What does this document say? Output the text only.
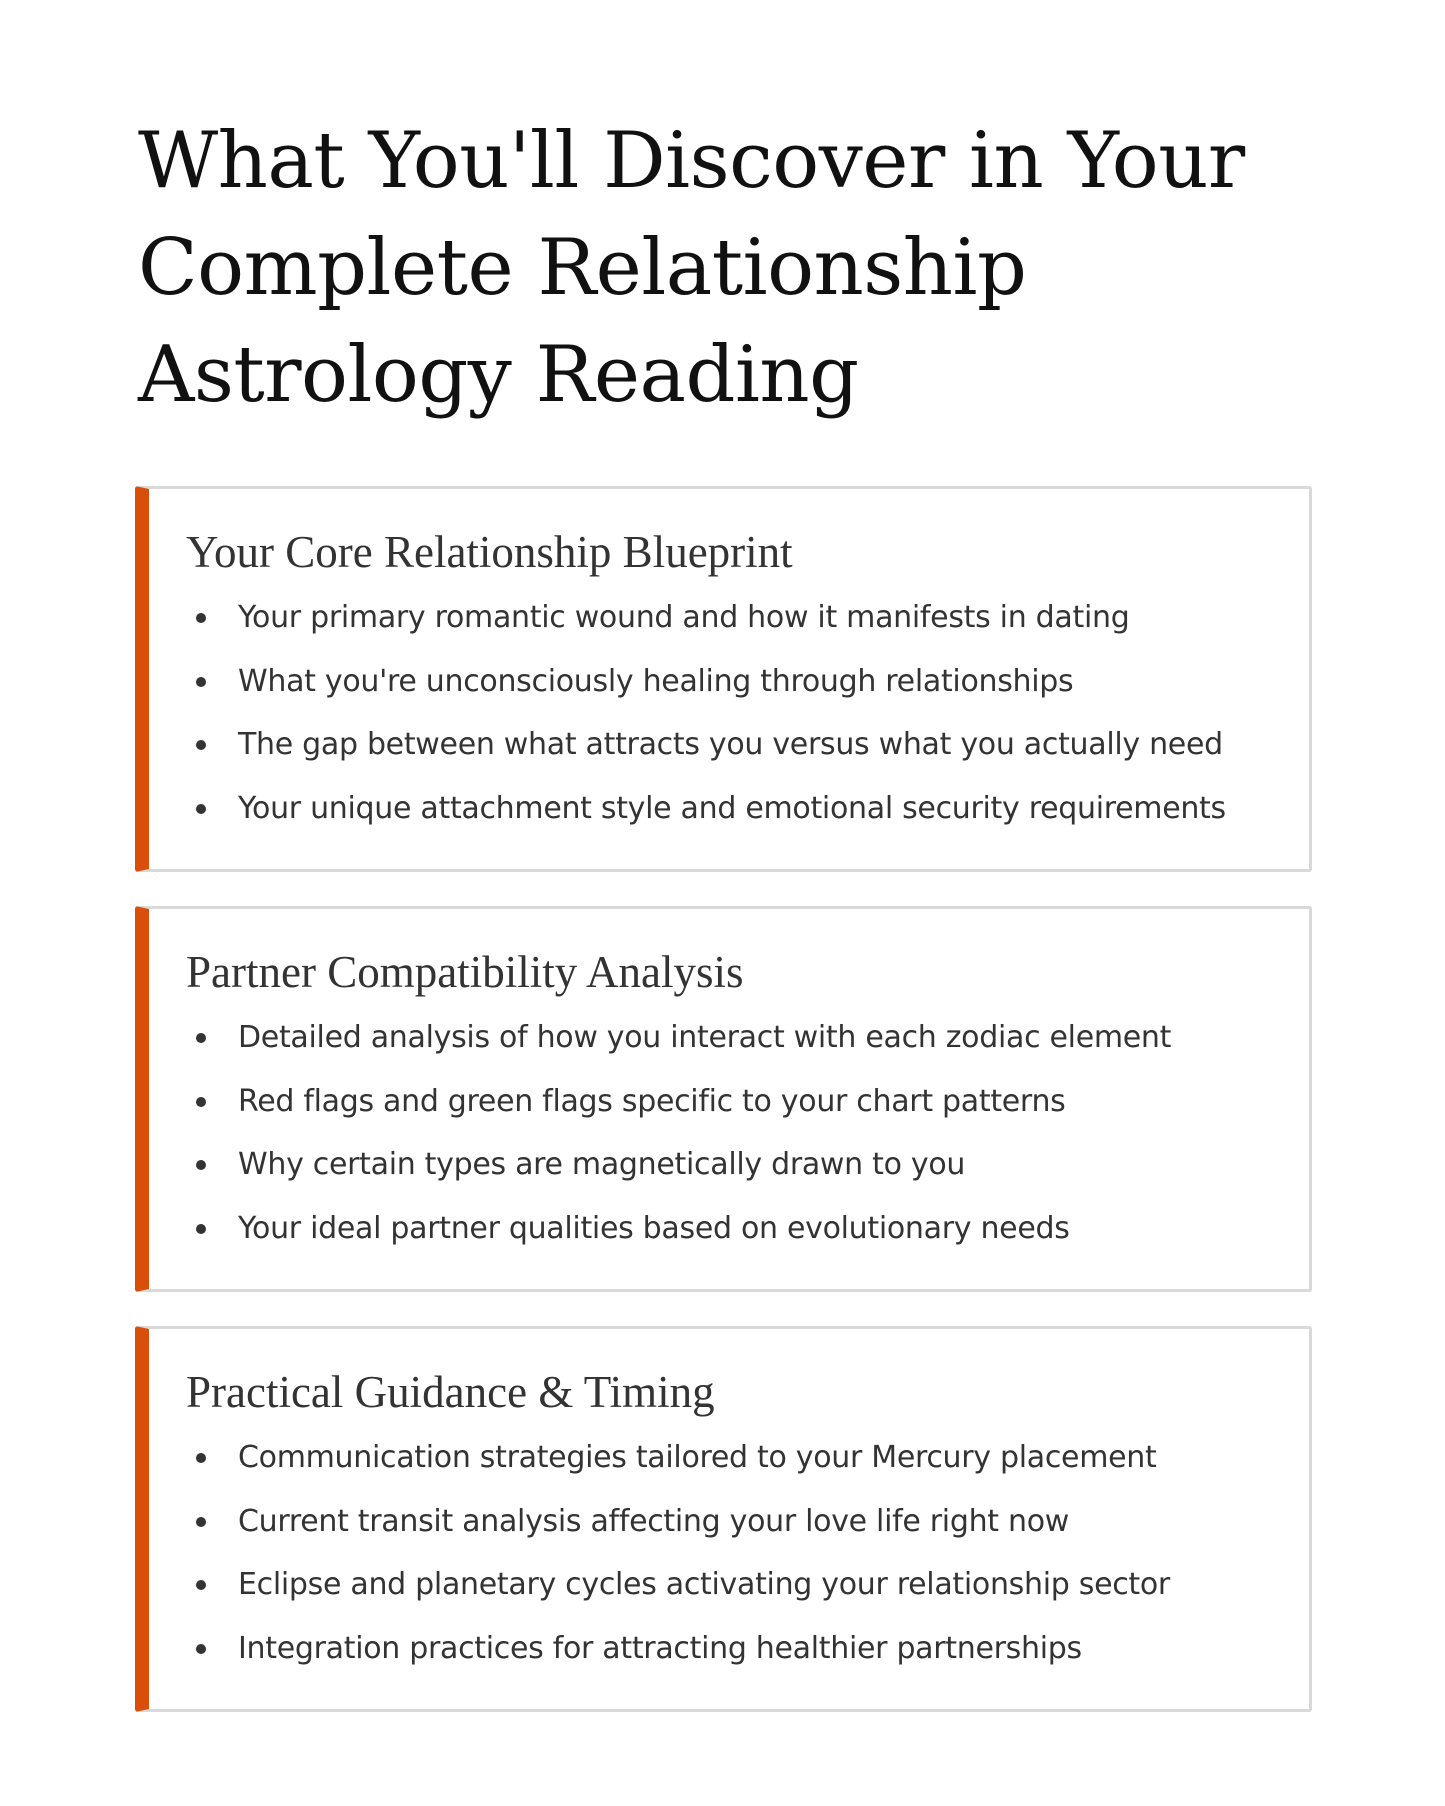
What You'll Discover in Your Complete Relationship Astrology Reading
Your Core Relationship Blueprint
Your primary romantic wound and how it manifests in dating
What you're unconsciously healing through relationships
The gap between what attracts you versus what you actually need
Your unique attachment style and emotional security requirements
Partner Compatibility Analysis
Detailed analysis of how you interact with each zodiac element
Red flags and green flags specific to your chart patterns
Why certain types are magnetically drawn to you
Your ideal partner qualities based on evolutionary needs
Practical Guidance & Timing
Communication strategies tailored to your Mercury placement
Current transit analysis affecting your love life right now
Eclipse and planetary cycles activating your relationship sector
Integration practices for attracting healthier partnerships
